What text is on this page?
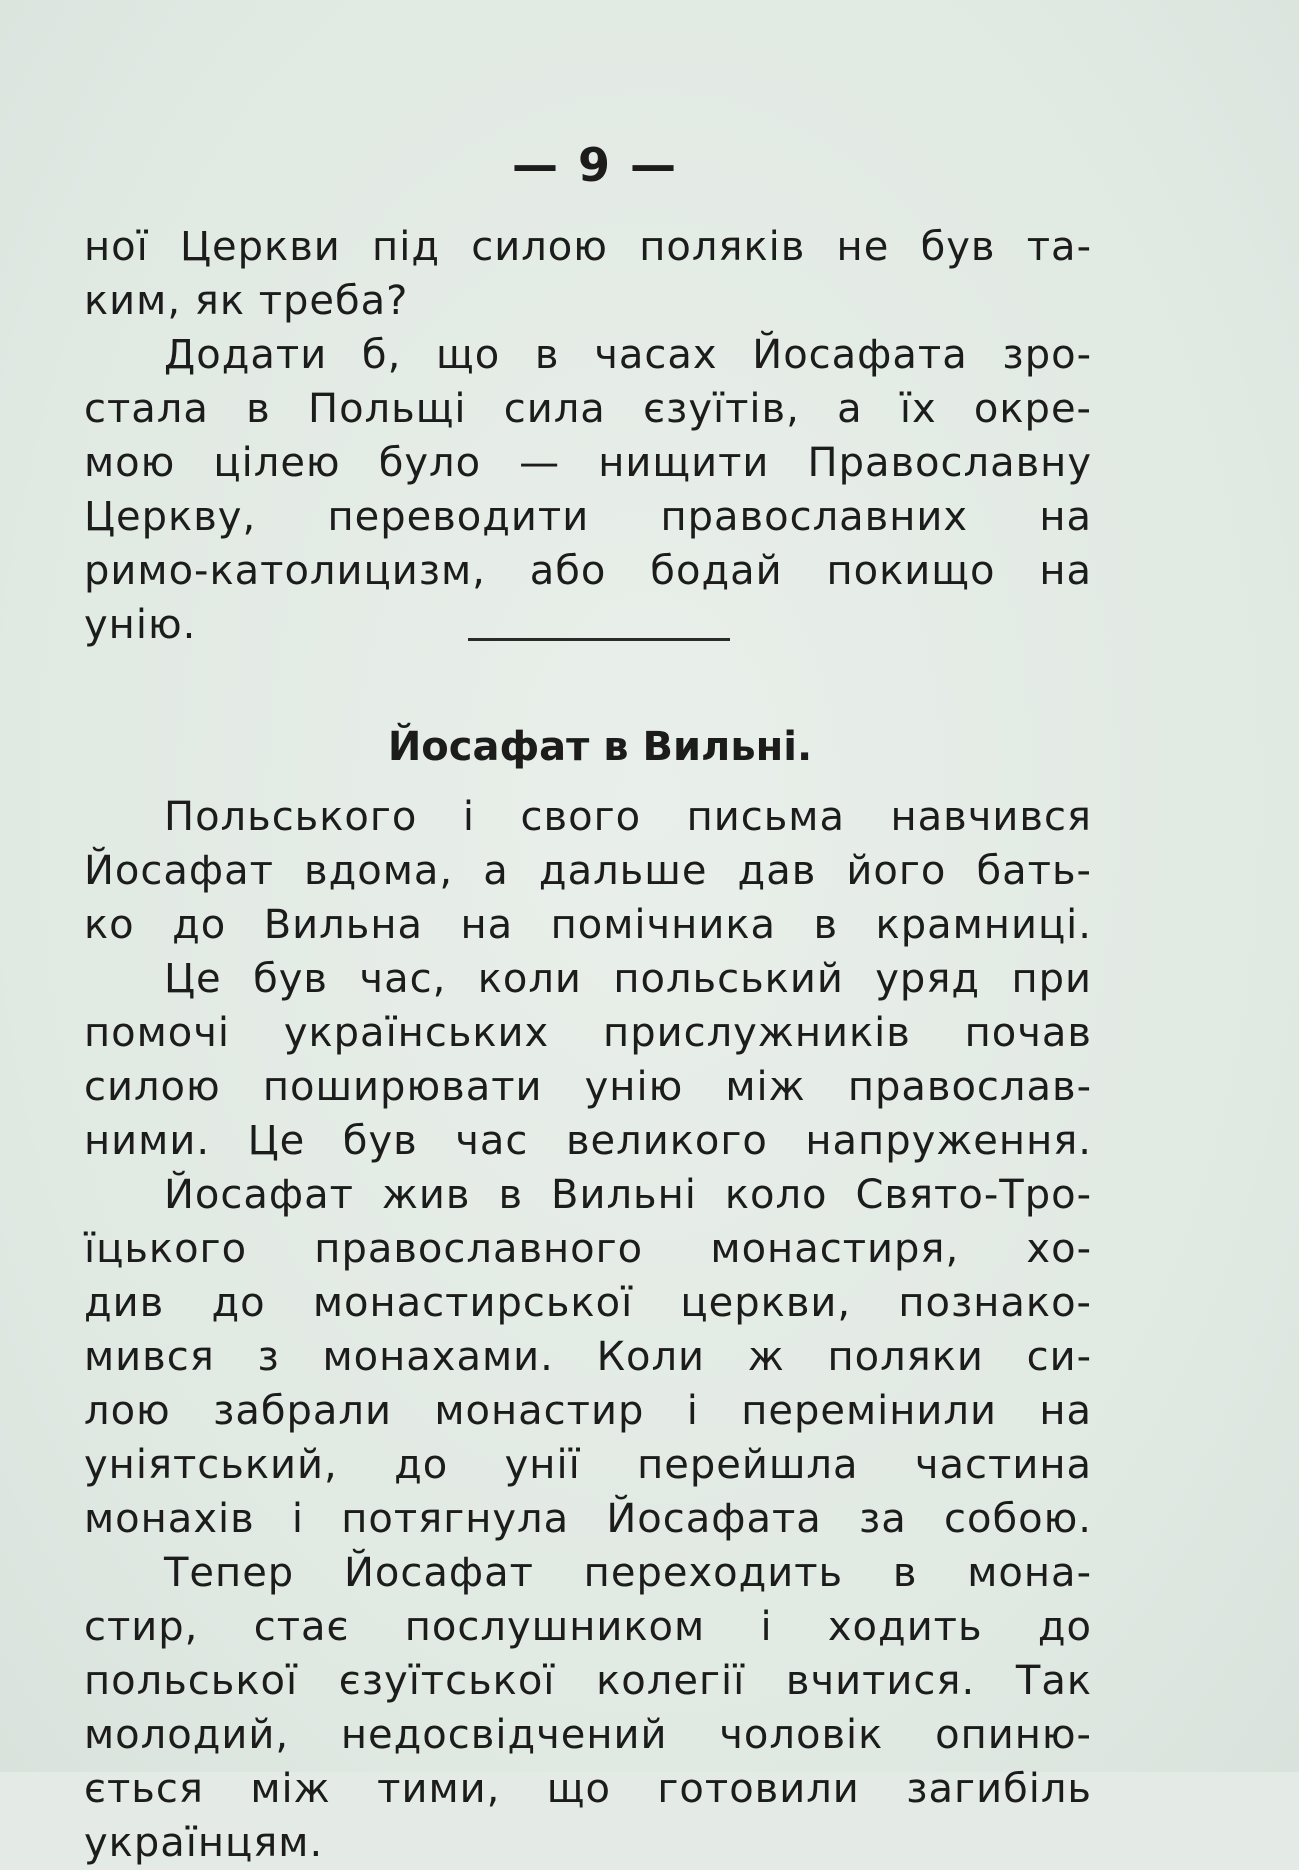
— 9 —
ної Церкви під силою поляків не був та-
ким, як треба?
Додати б, що в часах Йосафата зро-
стала в Польщі сила єзуїтів, а їх окре-
мою цілею було — нищити Православну
Церкву, переводити православних на
римо-католицизм, або бодай покищо на
унію.
Йосафат в Вильні.
Польського і свого письма навчився
Йосафат вдома, а дальше дав його бать-
ко до Вильна на помічника в крамниці.
Це був час, коли польський уряд при
помочі українських прислужників почав
силою поширювати унію між православ-
ними. Це був час великого напруження.
Йосафат жив в Вильні коло Свято-Тро-
їцького православного монастиря, хо-
див до монастирської церкви, познако-
мився з монахами. Коли ж поляки си-
лою забрали монастир і перемінили на
уніятський, до унії перейшла частина
монахів і потягнула Йосафата за собою.
Тепер Йосафат переходить в мона-
стир, стає послушником і ходить до
польської єзуїтської колегії вчитися. Так
молодий, недосвідчений чоловік опиню-
ється між тими, що готовили загибіль
українцям.
